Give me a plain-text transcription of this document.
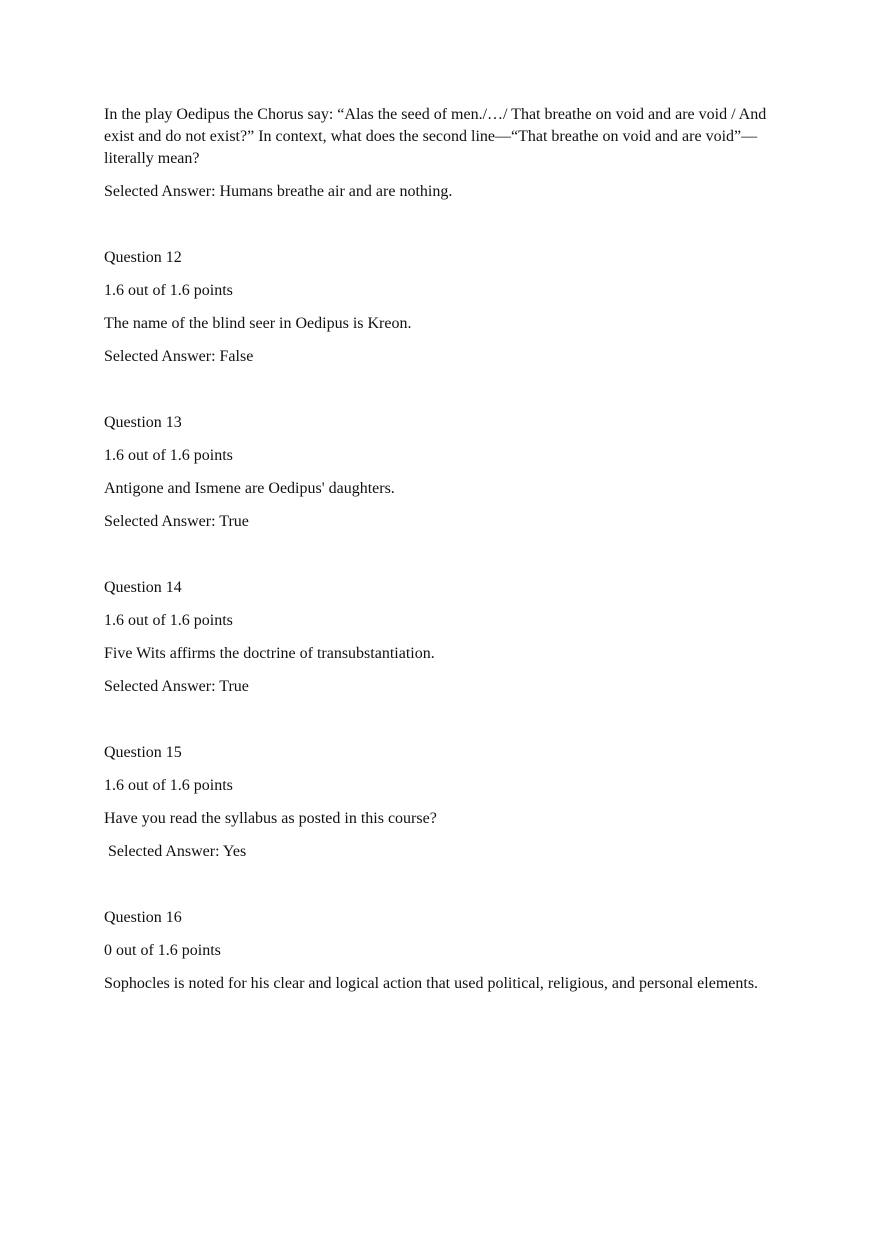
In the play Oedipus the Chorus say: “Alas the seed of men./…/ That breathe on void and are void / And exist and do not exist?” In context, what does the second line—“That breathe on void and are void”—literally mean?

Selected Answer: Humans breathe air and are nothing.

Question 12

1.6 out of 1.6 points

The name of the blind seer in Oedipus is Kreon.

Selected Answer: False

Question 13

1.6 out of 1.6 points

Antigone and Ismene are Oedipus' daughters.

Selected Answer: True

Question 14

1.6 out of 1.6 points

Five Wits affirms the doctrine of transubstantiation.

Selected Answer: True

Question 15

1.6 out of 1.6 points

Have you read the syllabus as posted in this course?

Selected Answer: Yes

Question 16

0 out of 1.6 points

Sophocles is noted for his clear and logical action that used political, religious, and personal elements.
